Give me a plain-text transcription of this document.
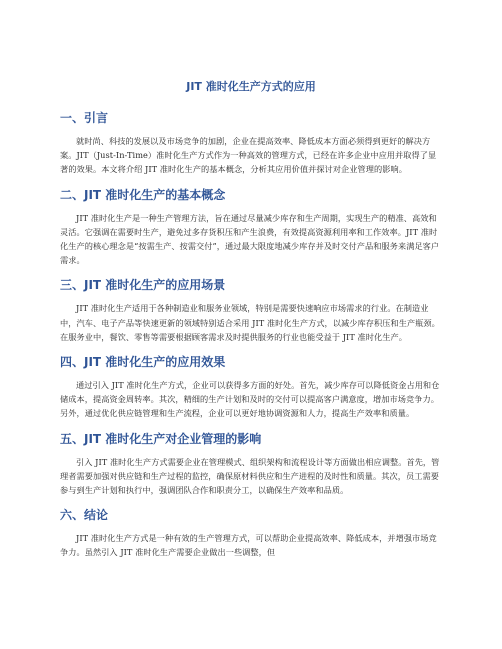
JIT 准时化生产方式的应用
一、引言

就时尚、科技的发展以及市场竞争的加剧，企业在提高效率、降低成本方面必须得到更好的解决方案。JIT（Just-In-Time）准时化生产方式作为一种高效的管理方式，已经在许多企业中应用并取得了显著的效果。本文将介绍 JIT 准时化生产的基本概念，分析其应用价值并探讨对企业管理的影响。

二、JIT 准时化生产的基本概念

JIT 准时化生产是一种生产管理方法，旨在通过尽量减少库存和生产周期，实现生产的精准、高效和灵活。它强调在需要时生产，避免过多存货积压和产生浪费，有效提高资源利用率和工作效率。JIT 准时化生产的核心理念是“按需生产、按需交付”，通过最大限度地减少库存并及时交付产品和服务来满足客户需求。

三、JIT 准时化生产的应用场景

JIT 准时化生产适用于各种制造业和服务业领域，特别是需要快速响应市场需求的行业。在制造业中，汽车、电子产品等快速更新的领域特别适合采用 JIT 准时化生产方式，以减少库存积压和生产瓶颈。在服务业中，餐饮、零售等需要根据顾客需求及时提供服务的行业也能受益于 JIT 准时化生产。

四、JIT 准时化生产的应用效果

通过引入 JIT 准时化生产方式，企业可以获得多方面的好处。首先，减少库存可以降低资金占用和仓储成本，提高资金周转率。其次，精细的生产计划和及时的交付可以提高客户满意度，增加市场竞争力。另外，通过优化供应链管理和生产流程，企业可以更好地协调资源和人力，提高生产效率和质量。

五、JIT 准时化生产对企业管理的影响

引入 JIT 准时化生产方式需要企业在管理模式、组织架构和流程设计等方面做出相应调整。首先，管理者需要加强对供应链和生产过程的监控，确保原材料供应和生产进程的及时性和质量。其次，员工需要参与到生产计划和执行中，强调团队合作和职责分工，以确保生产效率和品质。

六、结论

JIT 准时化生产方式是一种有效的生产管理方式，可以帮助企业提高效率、降低成本，并增强市场竞争力。虽然引入 JIT 准时化生产需要企业做出一些调整，但
